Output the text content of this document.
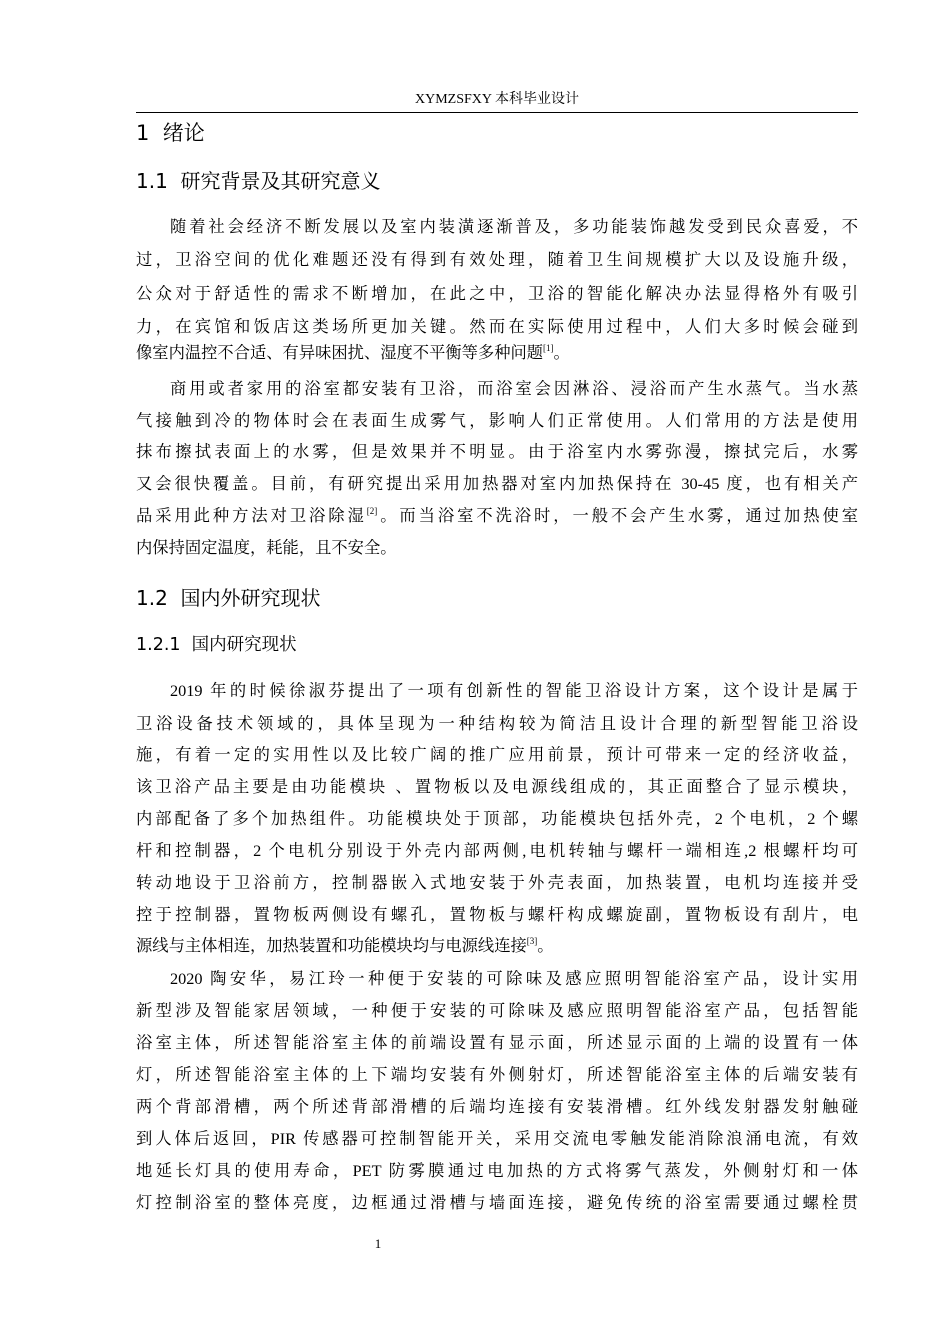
XYMZSFXY 本科毕业设计
1  绪论
1.1  研究背景及其研究意义
随着社会经济不断发展以及室内装潢逐渐普及，多功能装饰越发受到民众喜爱，不
过，卫浴空间的优化难题还没有得到有效处理，随着卫生间规模扩大以及设施升级，
公众对于舒适性的需求不断增加，在此之中，卫浴的智能化解决办法显得格外有吸引
力，在宾馆和饭店这类场所更加关键。然而在实际使用过程中，人们大多时候会碰到
像室内温控不合适、有异味困扰、湿度不平衡等多种问题[1]。
商用或者家用的浴室都安装有卫浴，而浴室会因淋浴、浸浴而产生水蒸气。当水蒸
气接触到冷的物体时会在表面生成雾气，影响人们正常使用。人们常用的方法是使用
抹布擦拭表面上的水雾，但是效果并不明显。由于浴室内水雾弥漫，擦拭完后，水雾
又会很快覆盖。目前，有研究提出采用加热器对室内加热保持在 30-45 度，也有相关产
品采用此种方法对卫浴除湿[2]。而当浴室不洗浴时，一般不会产生水雾，通过加热使室
内保持固定温度，耗能，且不安全。
1.2  国内外研究现状
1.2.1  国内研究现状
2019 年的时候徐淑芬提出了一项有创新性的智能卫浴设计方案，这个设计是属于
卫浴设备技术领域的，具体呈现为一种结构较为简洁且设计合理的新型智能卫浴设
施，有着一定的实用性以及比较广阔的推广应用前景，预计可带来一定的经济收益，
该卫浴产品主要是由功能模块 、置物板以及电源线组成的，其正面整合了显示模块，
内部配备了多个加热组件。功能模块处于顶部，功能模块包括外壳，2 个电机，2 个螺
杆和控制器，2 个电机分别设于外壳内部两侧,电机转轴与螺杆一端相连,2 根螺杆均可
转动地设于卫浴前方，控制器嵌入式地安装于外壳表面，加热装置，电机均连接并受
控于控制器，置物板两侧设有螺孔，置物板与螺杆构成螺旋副，置物板设有刮片，电
源线与主体相连，加热装置和功能模块均与电源线连接[3]。
2020 陶安华，易江玲一种便于安装的可除味及感应照明智能浴室产品，设计实用
新型涉及智能家居领域，一种便于安装的可除味及感应照明智能浴室产品，包括智能
浴室主体，所述智能浴室主体的前端设置有显示面，所述显示面的上端的设置有一体
灯，所述智能浴室主体的上下端均安装有外侧射灯，所述智能浴室主体的后端安装有
两个背部滑槽，两个所述背部滑槽的后端均连接有安装滑槽。红外线发射器发射触碰
到人体后返回，PIR 传感器可控制智能开关，采用交流电零触发能消除浪涌电流，有效
地延长灯具的使用寿命，PET 防雾膜通过电加热的方式将雾气蒸发，外侧射灯和一体
灯控制浴室的整体亮度，边框通过滑槽与墙面连接，避免传统的浴室需要通过螺栓贯
1
